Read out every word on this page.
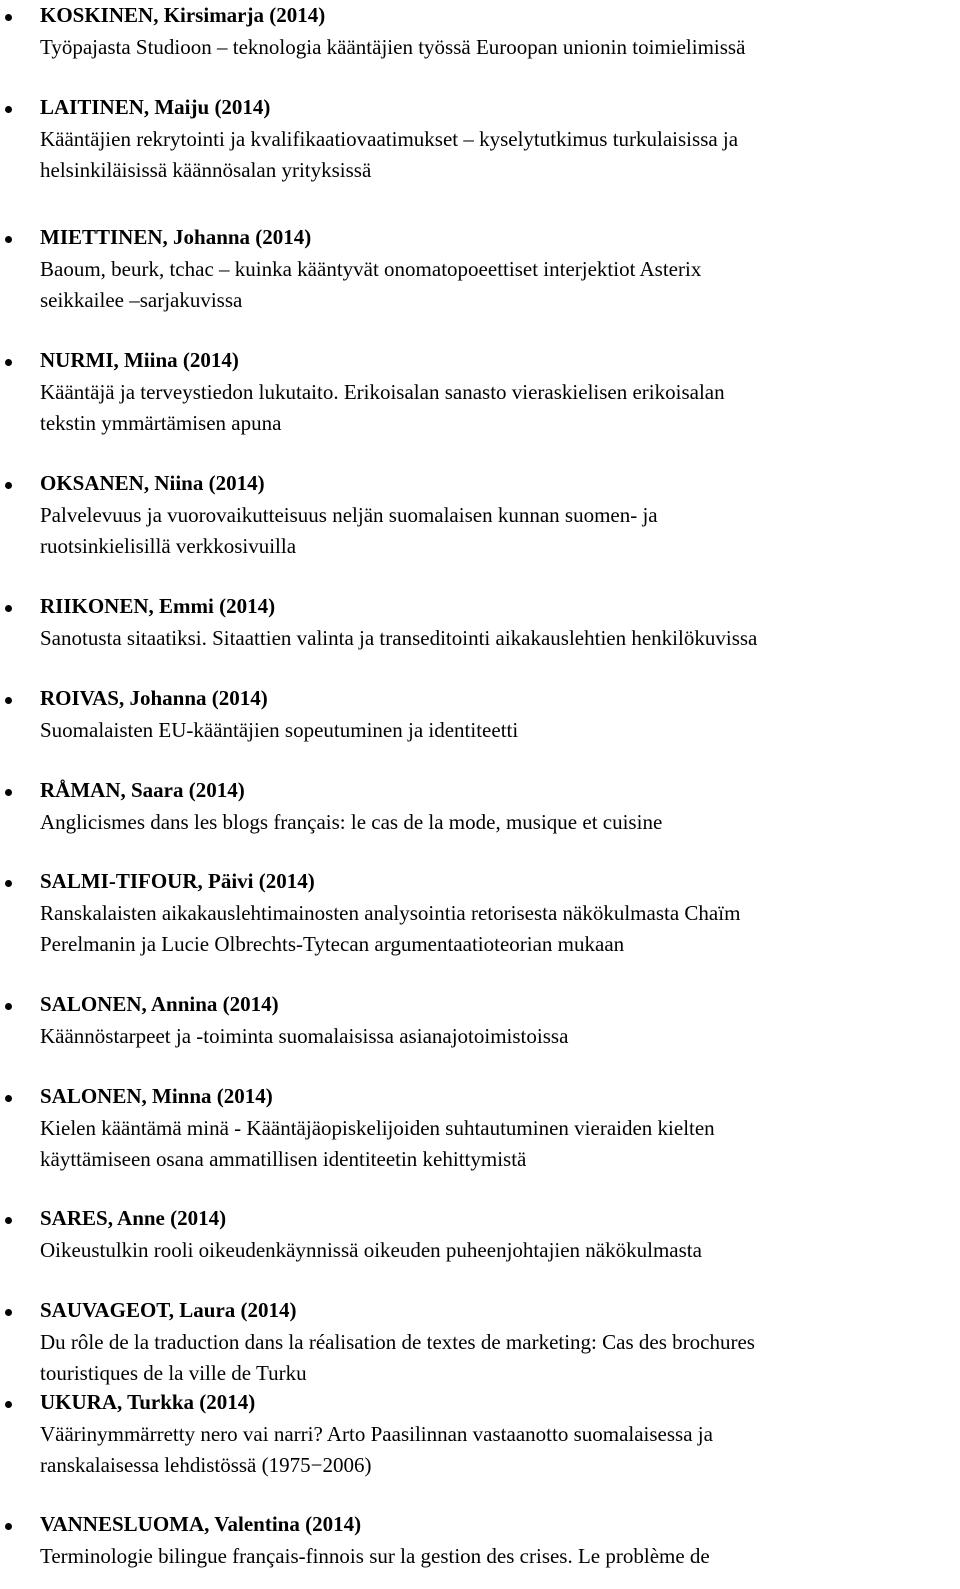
KOSKINEN, Kirsimarja (2014)
Työpajasta Studioon – teknologia kääntäjien työssä Euroopan unionin toimielimissä
LAITINEN, Maiju (2014)
Kääntäjien rekrytointi ja kvalifikaatiovaatimukset – kyselytutkimus turkulaisissa ja
helsinkiläisissä käännösalan yrityksissä
MIETTINEN, Johanna (2014)
Baoum, beurk, tchac – kuinka kääntyvät onomatopoeettiset interjektiot Asterix
seikkailee –sarjakuvissa
NURMI, Miina (2014)
Kääntäjä ja terveystiedon lukutaito. Erikoisalan sanasto vieraskielisen erikoisalan
tekstin ymmärtämisen apuna
OKSANEN, Niina (2014)
Palvelevuus ja vuorovaikutteisuus neljän suomalaisen kunnan suomen- ja
ruotsinkielisillä verkkosivuilla
RIIKONEN, Emmi (2014)
Sanotusta sitaatiksi. Sitaattien valinta ja transeditointi aikakauslehtien henkilökuvissa
ROIVAS, Johanna (2014)
Suomalaisten EU-kääntäjien sopeutuminen ja identiteetti
RÅMAN, Saara (2014)
Anglicismes dans les blogs français: le cas de la mode, musique et cuisine
SALMI-TIFOUR, Päivi (2014)
Ranskalaisten aikakauslehtimainosten analysointia retorisesta näkökulmasta Chaïm
Perelmanin ja Lucie Olbrechts-Tytecan argumentaatioteorian mukaan
SALONEN, Annina (2014)
Käännöstarpeet ja -toiminta suomalaisissa asianajotoimistoissa
SALONEN, Minna (2014)
Kielen kääntämä minä - Kääntäjäopiskelijoiden suhtautuminen vieraiden kielten
käyttämiseen osana ammatillisen identiteetin kehittymistä
SARES, Anne (2014)
Oikeustulkin rooli oikeudenkäynnissä oikeuden puheenjohtajien näkökulmasta
SAUVAGEOT, Laura (2014)
Du rôle de la traduction dans la réalisation de textes de marketing: Cas des brochures
touristiques de la ville de Turku
UKURA, Turkka (2014)
Väärinymmärretty nero vai narri? Arto Paasilinnan vastaanotto suomalaisessa ja
ranskalaisessa lehdistössä (1975−2006)
VANNESLUOMA, Valentina (2014)
Terminologie bilingue français-finnois sur la gestion des crises. Le problème de
